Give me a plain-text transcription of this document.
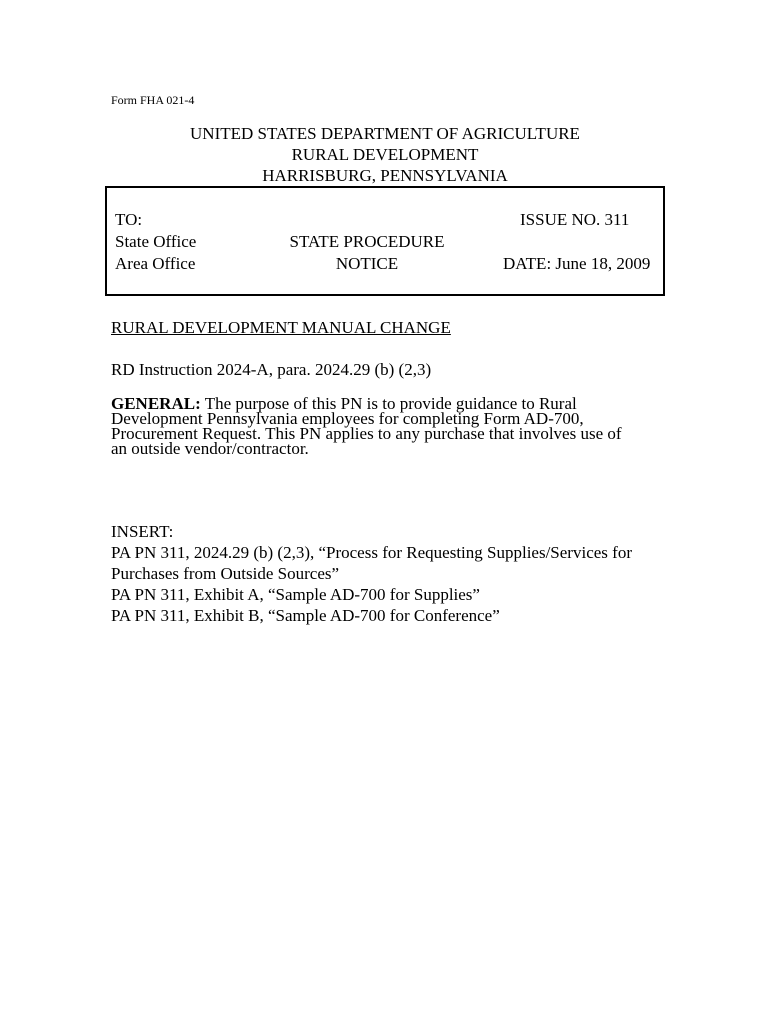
Form FHA 021-4
UNITED STATES DEPARTMENT OF AGRICULTURE
RURAL DEVELOPMENT
HARRISBURG, PENNSYLVANIA
TO:
State Office
Area Office
STATE PROCEDURE
NOTICE
ISSUE NO. 311
DATE: June 18, 2009
RURAL DEVELOPMENT MANUAL CHANGE
RD Instruction 2024-A, para. 2024.29 (b) (2,3)
GENERAL: The purpose of this PN is to provide guidance to Rural
Development Pennsylvania employees for completing Form AD-700,
Procurement Request. This PN applies to any purchase that involves use of
an outside vendor/contractor.
INSERT:
PA PN 311, 2024.29 (b) (2,3), “Process for Requesting Supplies/Services for
Purchases from Outside Sources”
PA PN 311, Exhibit A, “Sample AD-700 for Supplies”
PA PN 311, Exhibit B, “Sample AD-700 for Conference”
